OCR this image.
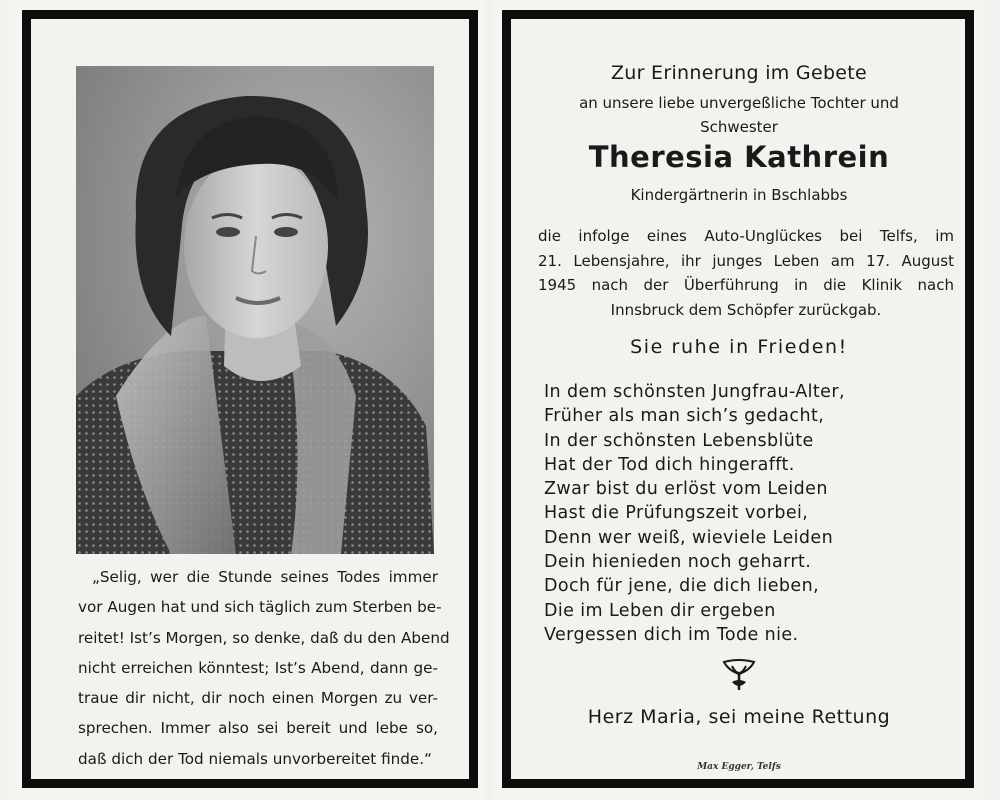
„Selig, wer die Stunde seines Todes immer
vor Augen hat und sich täglich zum Sterben be-
reitet! Ist’s Morgen, so denke, daß du den Abend
nicht erreichen könntest; Ist’s Abend, dann ge-
traue dir nicht, dir noch einen Morgen zu ver-
sprechen. Immer also sei bereit und lebe so,
daß dich der Tod niemals unvorbereitet finde.“
Zur Erinnerung im Gebete
an unsere liebe unvergeßliche Tochter und
Schwester
Theresia Kathrein
Kindergärtnerin in Bschlabbs
die infolge eines Auto-Unglückes bei Telfs, im
21. Lebensjahre, ihr junges Leben am 17. August
1945 nach der Überführung in die Klinik nach
Innsbruck dem Schöpfer zurückgab.
Sie ruhe in Frieden!
In dem schönsten Jungfrau-Alter,
Früher als man sich’s gedacht,
In der schönsten Lebensblüte
Hat der Tod dich hingerafft.
Zwar bist du erlöst vom Leiden
Hast die Prüfungszeit vorbei,
Denn wer weiß, wieviele Leiden
Dein hienieden noch geharrt.
Doch für jene, die dich lieben,
Die im Leben dir ergeben
Vergessen dich im Tode nie.
Herz Maria, sei meine Rettung
Max Egger, Telfs
